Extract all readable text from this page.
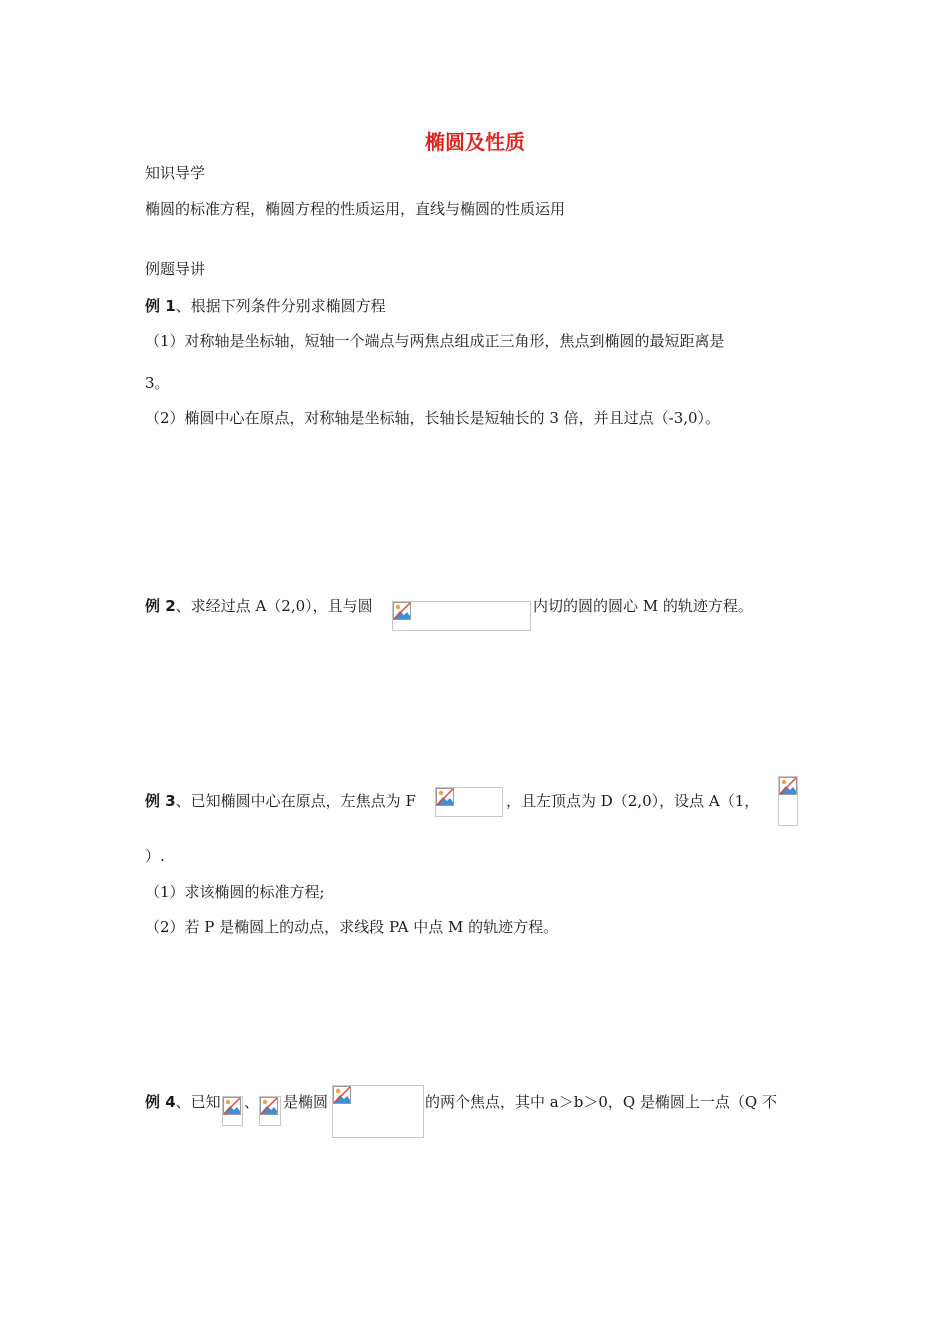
椭圆及性质
知识导学
椭圆的标准方程，椭圆方程的性质运用，直线与椭圆的性质运用
例题导讲
例 1、根据下列条件分别求椭圆方程
（1）对称轴是坐标轴，短轴一个端点与两焦点组成正三角形，焦点到椭圆的最短距离是
3。
（2）椭圆中心在原点，对称轴是坐标轴，长轴长是短轴长的 3 倍，并且过点（-3,0）。
例 2、求经过点 A（2,0），且与圆	内切的圆的圆心 M 的轨迹方程。
例 3、已知椭圆中心在原点，左焦点为 F	，且左顶点为 D（2,0），设点 A（1，
）.
（1）求该椭圆的标准方程;
（2）若 P 是椭圆上的动点，求线段 PA 中点 M 的轨迹方程。
例 4、已知 、 是椭圆	的两个焦点，其中 a＞b＞0，Q 是椭圆上一点（Q 不
